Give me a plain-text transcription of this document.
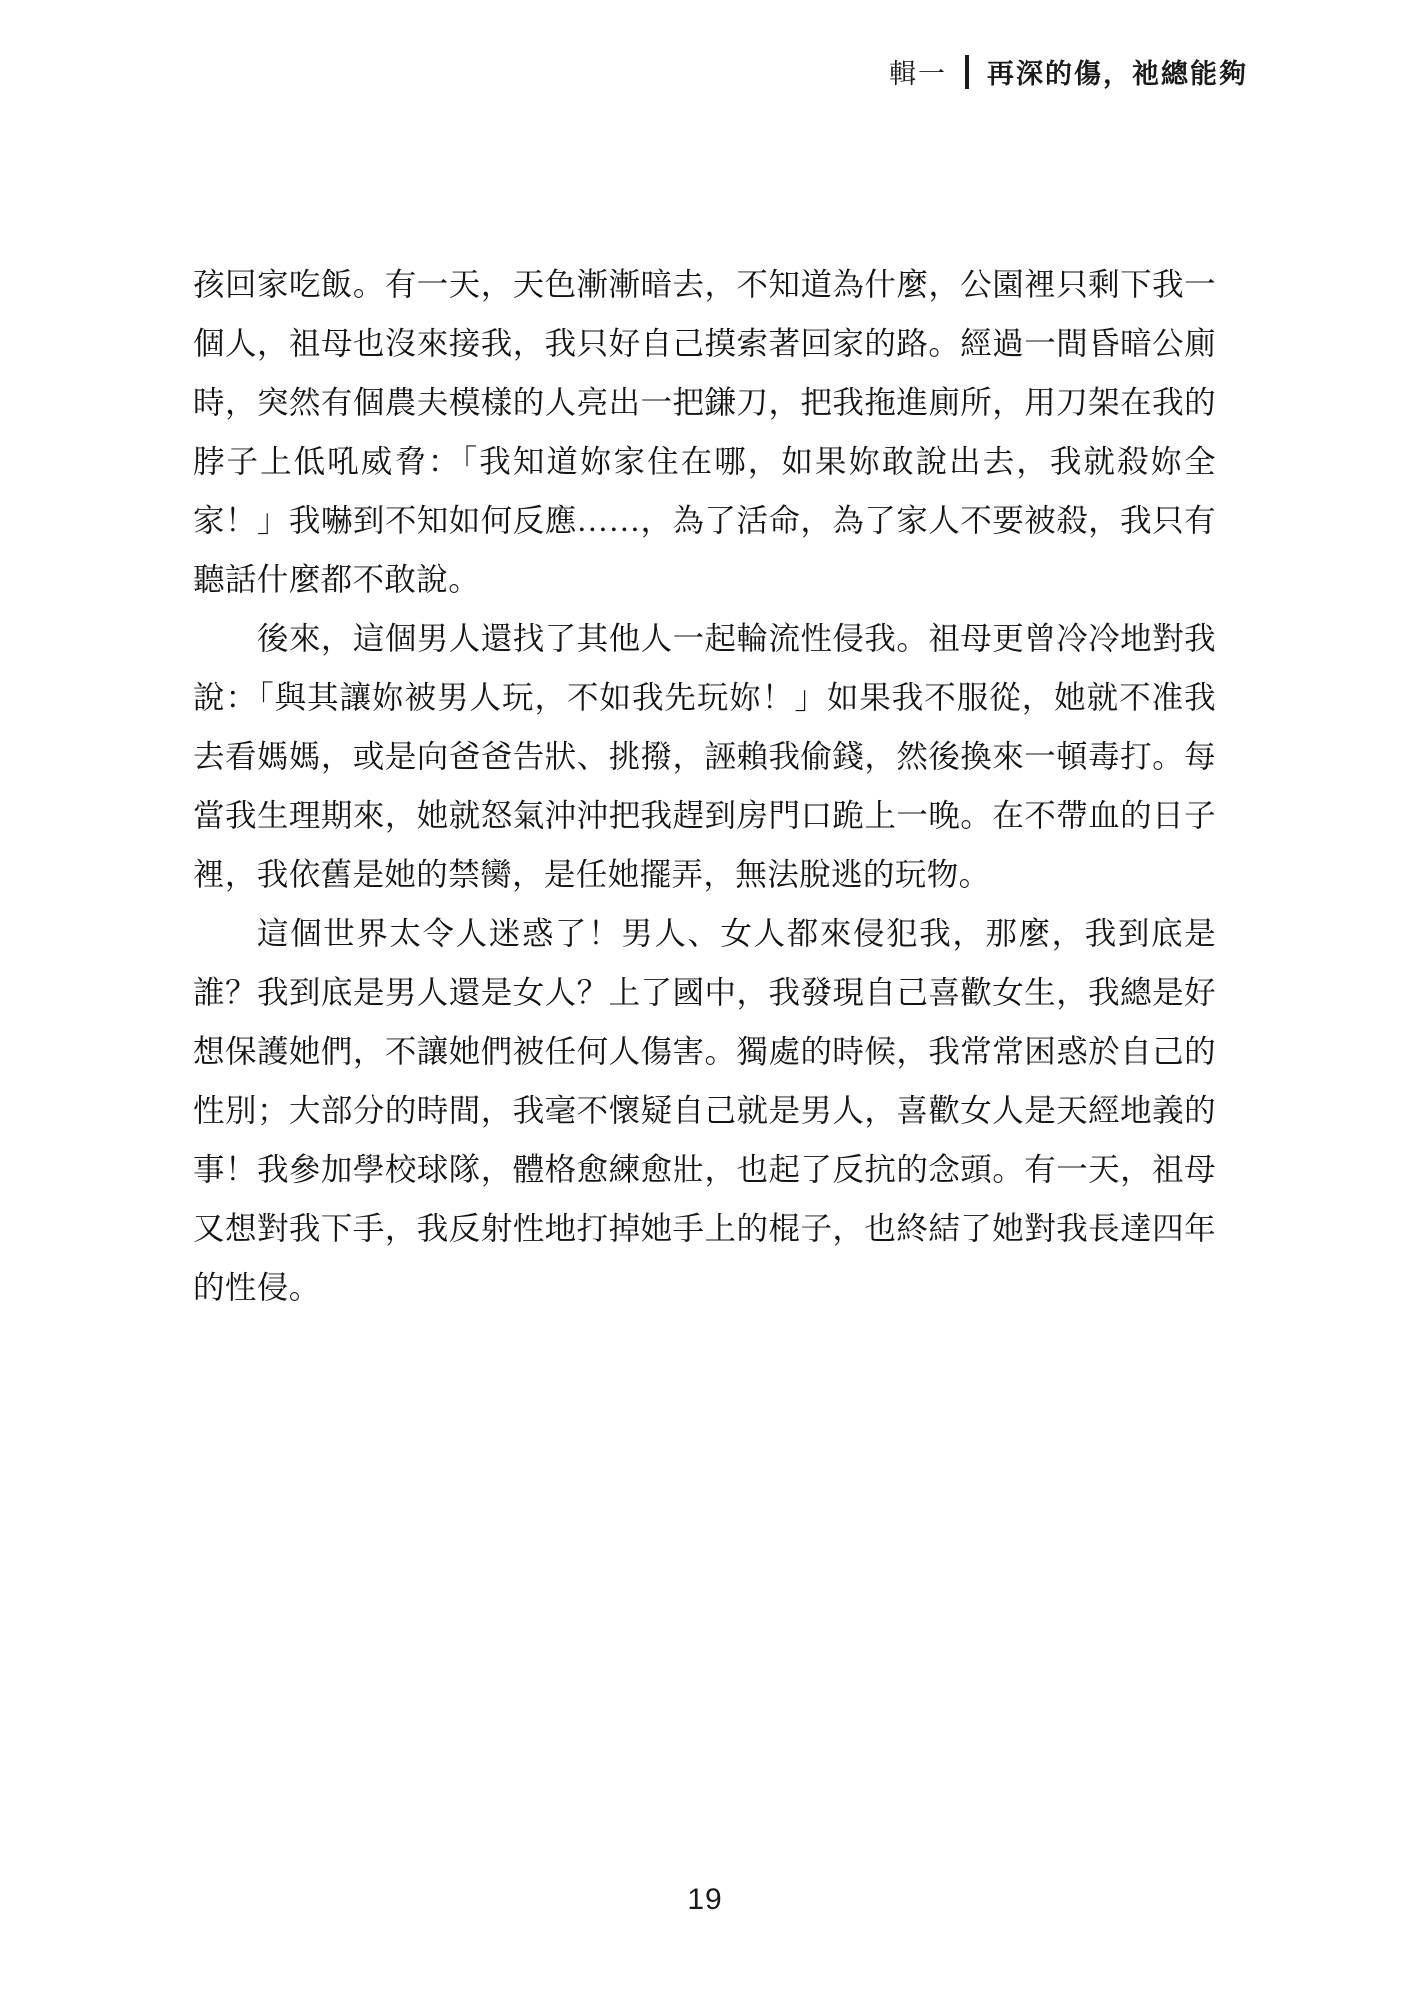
輯一 再深的傷，祂總能夠

孩回家吃飯。有一天，天色漸漸暗去，不知道為什麼，公園裡只剩下我一個人，祖母也沒來接我，我只好自己摸索著回家的路。經過一間昏暗公廁時，突然有個農夫模樣的人亮出一把鎌刀，把我拖進廁所，用刀架在我的脖子上低吼威脅：「我知道妳家住在哪，如果妳敢說出去，我就殺妳全家！」我嚇到不知如何反應……，為了活命，為了家人不要被殺，我只有聽話什麼都不敢說。

後來，這個男人還找了其他人一起輪流性侵我。祖母更曾冷冷地對我說：「與其讓妳被男人玩，不如我先玩妳！」如果我不服從，她就不准我去看媽媽，或是向爸爸告狀、挑撥，誣賴我偷錢，然後換來一頓毒打。每當我生理期來，她就怒氣沖沖把我趕到房門口跪上一晚。在不帶血的日子裡，我依舊是她的禁臠，是任她擺弄，無法脫逃的玩物。

這個世界太令人迷惑了！男人、女人都來侵犯我，那麼，我到底是誰？我到底是男人還是女人？上了國中，我發現自己喜歡女生，我總是好想保護她們，不讓她們被任何人傷害。獨處的時候，我常常困惑於自己的性別；大部分的時間，我毫不懷疑自己就是男人，喜歡女人是天經地義的事！我參加學校球隊，體格愈練愈壯，也起了反抗的念頭。有一天，祖母又想對我下手，我反射性地打掉她手上的棍子，也終結了她對我長達四年的性侵。

19
